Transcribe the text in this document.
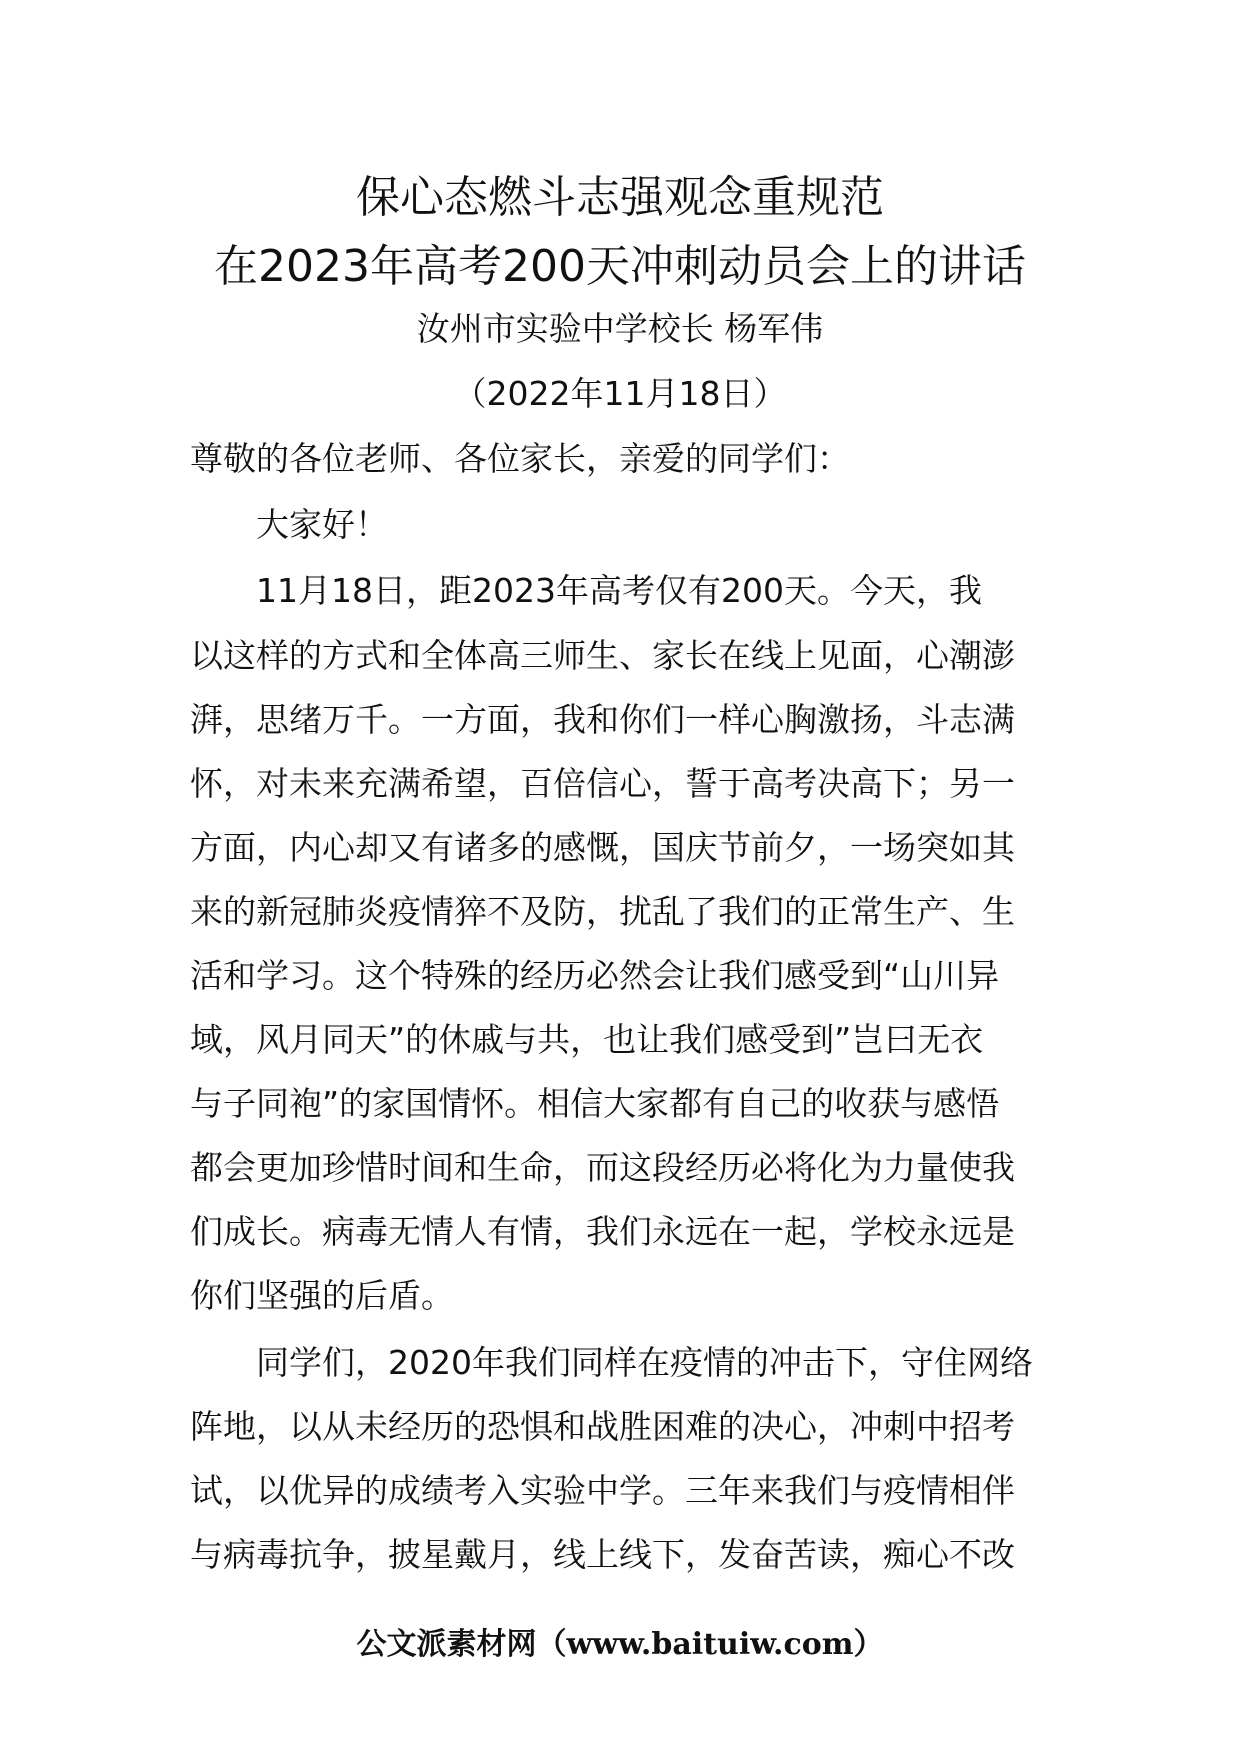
保心态燃斗志强观念重规范
在2023年高考200天冲刺动员会上的讲话
汝州市实验中学校长 杨军伟
（2022年11月18日）
尊敬的各位老师、各位家长，亲爱的同学们：
大家好！
11月18日，距2023年高考仅有200天。今天，我
以这样的方式和全体高三师生、家长在线上见面，心潮澎
湃，思绪万千。一方面，我和你们一样心胸激扬，斗志满
怀，对未来充满希望，百倍信心，誓于高考决高下；另一
方面，内心却又有诸多的感慨，国庆节前夕，一场突如其
来的新冠肺炎疫情猝不及防，扰乱了我们的正常生产、生
活和学习。这个特殊的经历必然会让我们感受到“山川异
域，风月同天”的休戚与共，也让我们感受到”岂曰无衣
与子同袍”的家国情怀。相信大家都有自己的收获与感悟
都会更加珍惜时间和生命，而这段经历必将化为力量使我
们成长。病毒无情人有情，我们永远在一起，学校永远是
你们坚强的后盾。
同学们，2020年我们同样在疫情的冲击下，守住网络
阵地，以从未经历的恐惧和战胜困难的决心，冲刺中招考
试，以优异的成绩考入实验中学。三年来我们与疫情相伴
与病毒抗争，披星戴月，线上线下，发奋苦读，痴心不改
公文派素材网（www.baituiw.com）
